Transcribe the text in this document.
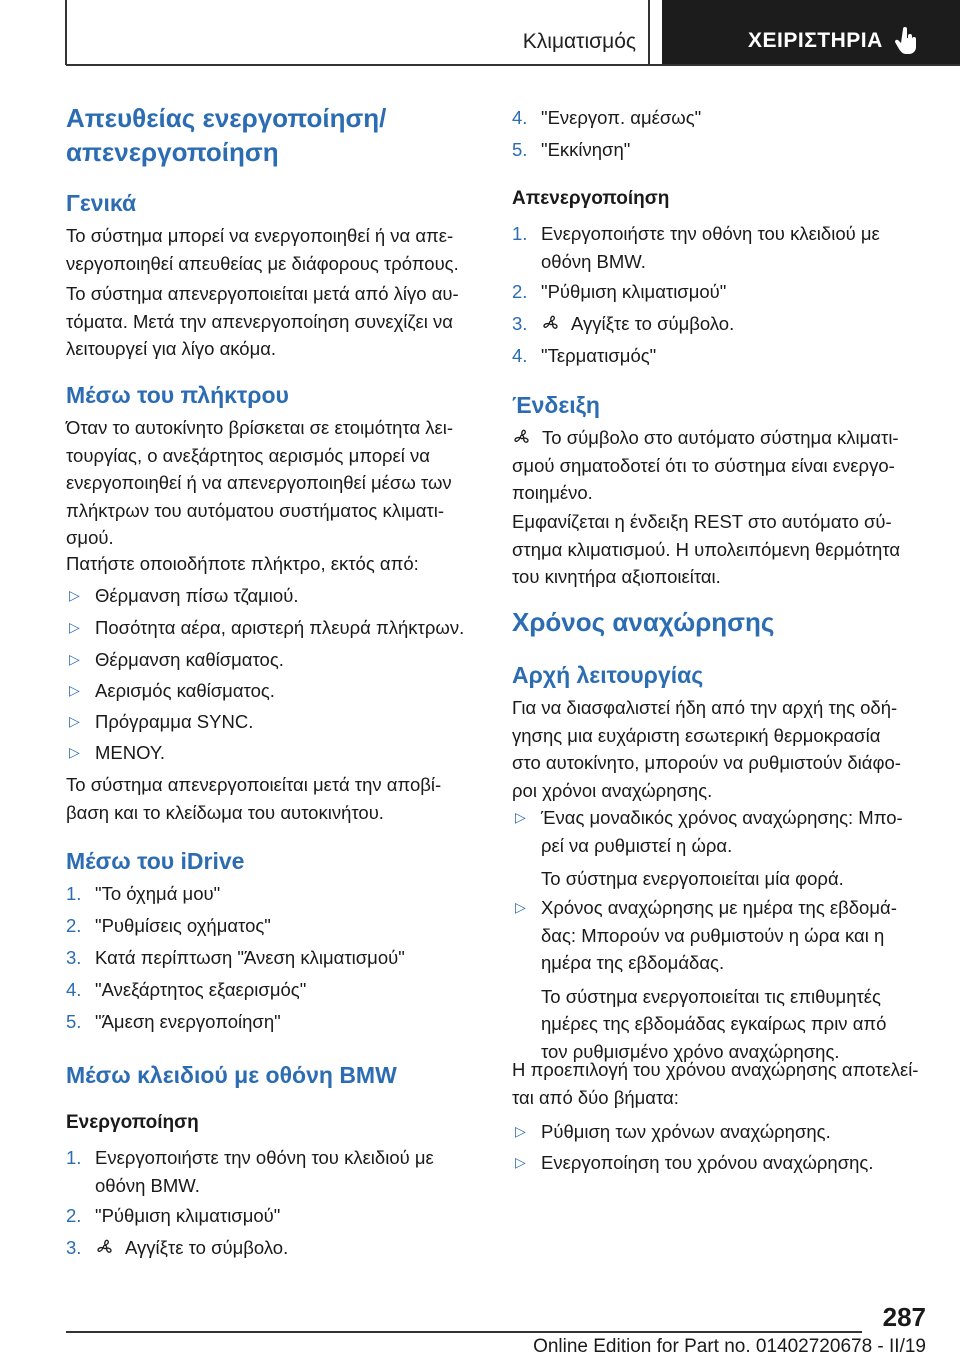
Κλιματισμός	ΧΕΙΡΙΣΤΗΡΙΑ
Απευθείας ενεργοποίηση/
απενεργοποίηση
Γενικά
Το σύστημα μπορεί να ενεργοποιηθεί ή να απε-
νεργοποιηθεί απευθείας με διάφορους τρόπους.
Το σύστημα απενεργοποιείται μετά από λίγο αυ-
τόματα. Μετά την απενεργοποίηση συνεχίζει να
λειτουργεί για λίγο ακόμα.
Μέσω του πλήκτρου
Όταν το αυτοκίνητο βρίσκεται σε ετοιμότητα λει-
τουργίας, ο ανεξάρτητος αερισμός μπορεί να
ενεργοποιηθεί ή να απενεργοποιηθεί μέσω των
πλήκτρων του αυτόματου συστήματος κλιματι-
σμού.
Πατήστε οποιοδήποτε πλήκτρο, εκτός από:
▷ Θέρμανση πίσω τζαμιού.
▷ Ποσότητα αέρα, αριστερή πλευρά πλήκτρων.
▷ Θέρμανση καθίσματος.
▷ Αερισμός καθίσματος.
▷ Πρόγραμμα SYNC.
▷ ΜΕΝΟΥ.
Το σύστημα απενεργοποιείται μετά την αποβί-
βαση και το κλείδωμα του αυτοκινήτου.
Μέσω του iDrive
1. "Το όχημά μου"
2. "Ρυθμίσεις οχήματος"
3. Κατά περίπτωση "Άνεση κλιματισμού"
4. "Ανεξάρτητος εξαερισμός"
5. "Άμεση ενεργοποίηση"
Μέσω κλειδιού με οθόνη BMW
Ενεργοποίηση
1. Ενεργοποιήστε την οθόνη του κλειδιού με
οθόνη BMW.
2. "Ρύθμιση κλιματισμού"
3.	Αγγίξτε το σύμβολο.
4. "Ενεργοπ. αμέσως"
5. "Εκκίνηση"
Απενεργοποίηση
1. Ενεργοποιήστε την οθόνη του κλειδιού με
οθόνη BMW.
2. "Ρύθμιση κλιματισμού"
3.	Αγγίξτε το σύμβολο.
4. "Τερματισμός"
Ένδειξη
Το σύμβολο στο αυτόματο σύστημα κλιματι-
σμού σηματοδοτεί ότι το σύστημα είναι ενεργο-
ποιημένο.
Εμφανίζεται η ένδειξη REST στο αυτόματο σύ-
στημα κλιματισμού. Η υπολειπόμενη θερμότητα
του κινητήρα αξιοποιείται.
Χρόνος αναχώρησης
Αρχή λειτουργίας
Για να διασφαλιστεί ήδη από την αρχή της οδή-
γησης μια ευχάριστη εσωτερική θερμοκρασία
στο αυτοκίνητο, μπορούν να ρυθμιστούν διάφο-
ροι χρόνοι αναχώρησης.
▷ Ένας μοναδικός χρόνος αναχώρησης: Μπο-
ρεί να ρυθμιστεί η ώρα.
Το σύστημα ενεργοποιείται μία φορά.
▷ Χρόνος αναχώρησης με ημέρα της εβδομά-
δας: Μπορούν να ρυθμιστούν η ώρα και η
ημέρα της εβδομάδας.
Το σύστημα ενεργοποιείται τις επιθυμητές
ημέρες της εβδομάδας εγκαίρως πριν από
τον ρυθμισμένο χρόνο αναχώρησης.
Η προεπιλογή του χρόνου αναχώρησης αποτελεί-
ται από δύο βήματα:
▷ Ρύθμιση των χρόνων αναχώρησης.
▷ Ενεργοποίηση του χρόνου αναχώρησης.
287
Online Edition for Part no. 01402720678 - II/19
